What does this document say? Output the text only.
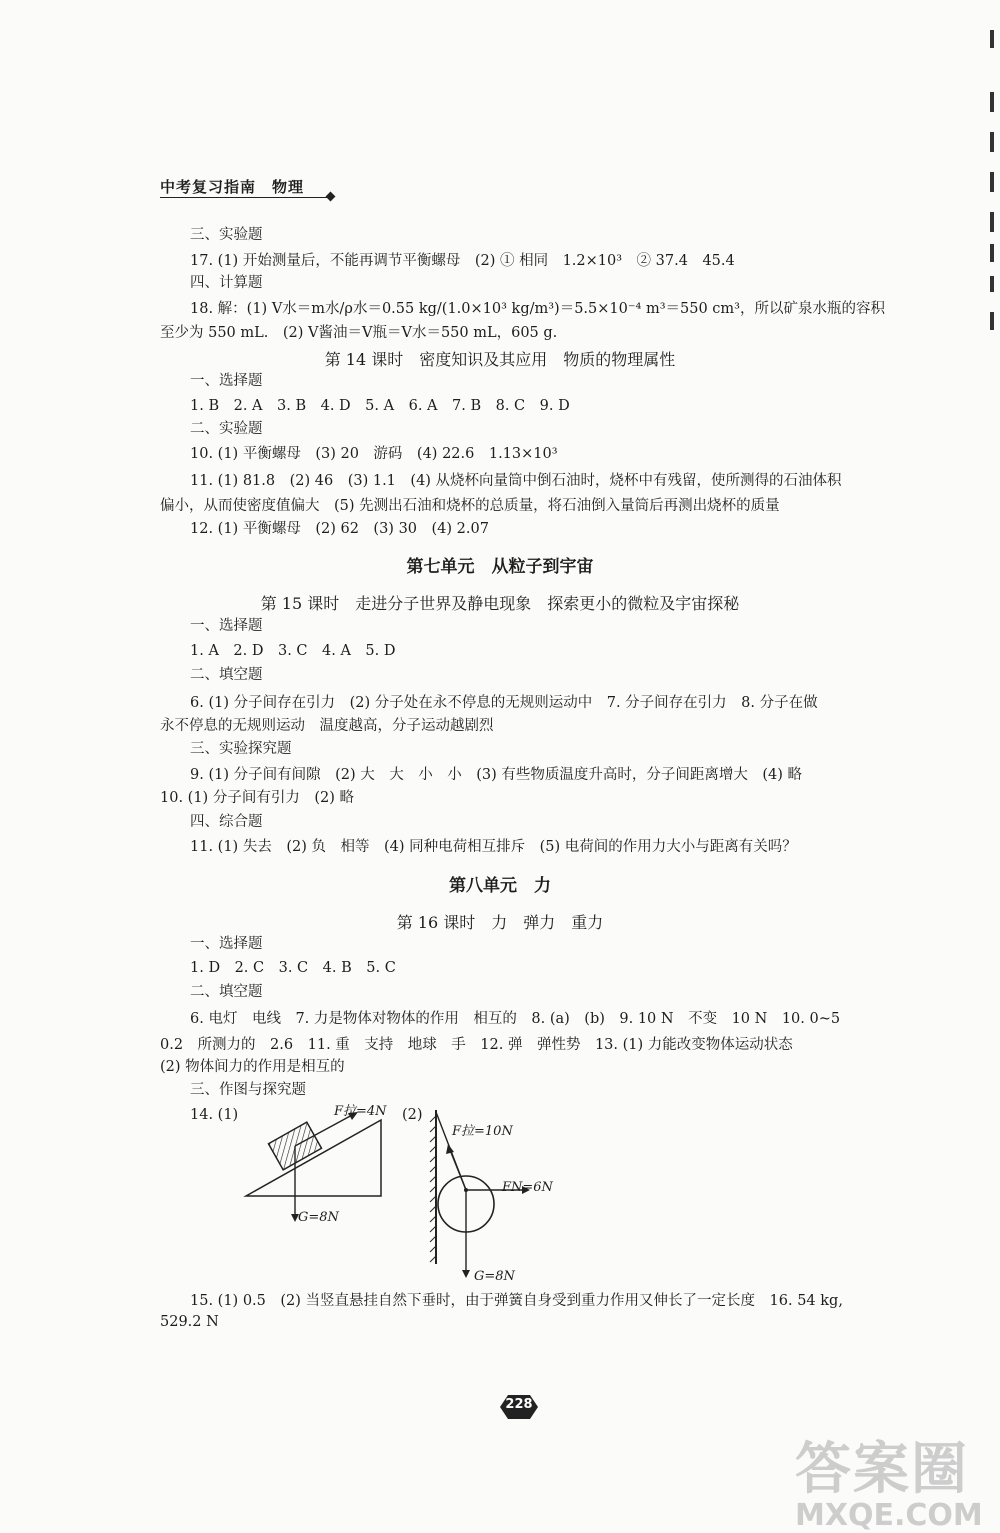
中考复习指南　物理
三、实验题
17. (1) 开始测量后，不能再调节平衡螺母　(2) ① 相同　1.2×10³　② 37.4　45.4
四、计算题
18. 解：(1) V水＝m水/ρ水＝0.55 kg/(1.0×10³ kg/m³)＝5.5×10⁻⁴ m³＝550 cm³，所以矿泉水瓶的容积
至少为 550 mL.　(2) V酱油＝V瓶＝V水＝550 mL，605 g.
第 14 课时　密度知识及其应用　物质的物理属性
一、选择题
1. B　2. A　3. B　4. D　5. A　6. A　7. B　8. C　9. D
二、实验题
10. (1) 平衡螺母　(3) 20　游码　(4) 22.6　1.13×10³
11. (1) 81.8　(2) 46　(3) 1.1　(4) 从烧杯向量筒中倒石油时，烧杯中有残留，使所测得的石油体积
偏小，从而使密度值偏大　(5) 先测出石油和烧杯的总质量，将石油倒入量筒后再测出烧杯的质量
12. (1) 平衡螺母　(2) 62　(3) 30　(4) 2.07
第七单元　从粒子到宇宙
第 15 课时　走进分子世界及静电现象　探索更小的微粒及宇宙探秘
一、选择题
1. A　2. D　3. C　4. A　5. D
二、填空题
6. (1) 分子间存在引力　(2) 分子处在永不停息的无规则运动中　7. 分子间存在引力　8. 分子在做
永不停息的无规则运动　温度越高，分子运动越剧烈
三、实验探究题
9. (1) 分子间有间隙　(2) 大　大　小　小　(3) 有些物质温度升高时，分子间距离增大　(4) 略
10. (1) 分子间有引力　(2) 略
四、综合题
11. (1) 失去　(2) 负　相等　(4) 同种电荷相互排斥　(5) 电荷间的作用力大小与距离有关吗？
第八单元　力
第 16 课时　力　弹力　重力
一、选择题
1. D　2. C　3. C　4. B　5. C
二、填空题
6. 电灯　电线　7. 力是物体对物体的作用　相互的　8. (a)　(b)　9. 10 N　不变　10 N　10. 0~5
0.2　所测力的　2.6　11. 重　支持　地球　手　12. 弹　弹性势　13. (1) 力能改变物体运动状态
(2) 物体间力的作用是相互的
三、作图与探究题
14. (1)	F拉=4N
G=8N
(2)
F拉=10N
FN=6N
G=8N
15. (1) 0.5　(2) 当竖直悬挂自然下垂时，由于弹簧自身受到重力作用又伸长了一定长度　16. 54 kg,
529.2 N
228
答案圈
MXQE.COM
